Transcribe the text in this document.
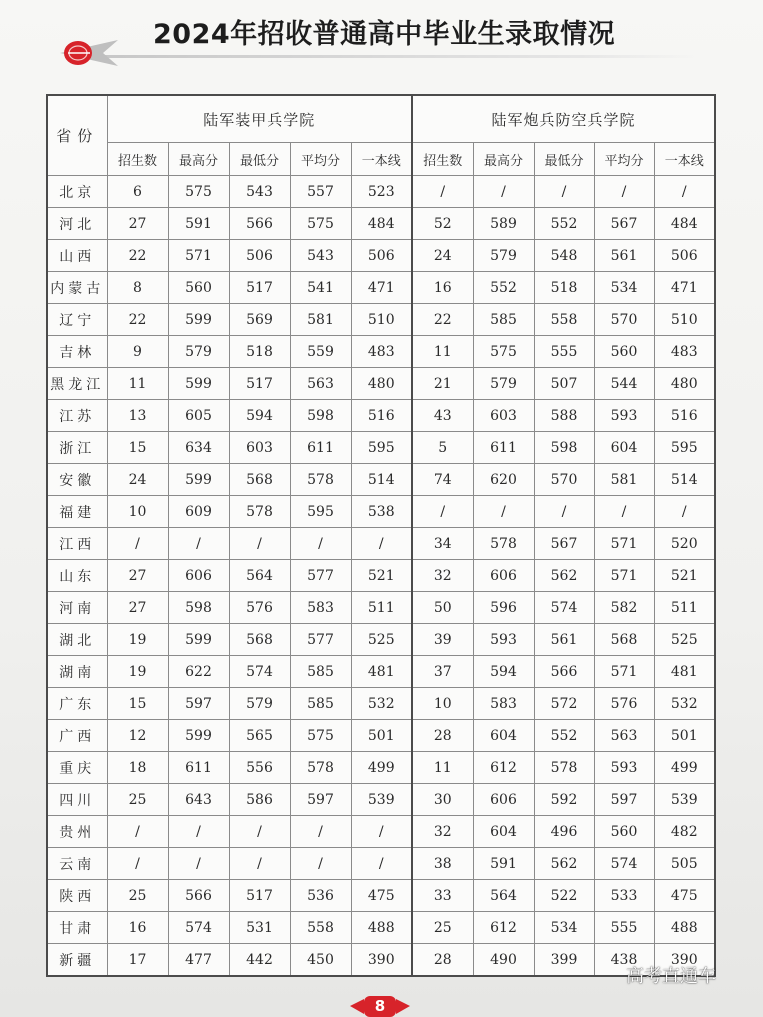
2024年招收普通高中毕业生录取情况
省份	陆军装甲兵学院					陆军炮兵防空兵学院				
	招生数	最高分	最低分	平均分	一本线	招生数	最高分	最低分	平均分	一本线
北京	6	575	543	557	523	/	/	/	/	/
河北	27	591	566	575	484	52	589	552	567	484
山西	22	571	506	543	506	24	579	548	561	506
内蒙古	8	560	517	541	471	16	552	518	534	471
辽宁	22	599	569	581	510	22	585	558	570	510
吉林	9	579	518	559	483	11	575	555	560	483
黑龙江	11	599	517	563	480	21	579	507	544	480
江苏	13	605	594	598	516	43	603	588	593	516
浙江	15	634	603	611	595	5	611	598	604	595
安徽	24	599	568	578	514	74	620	570	581	514
福建	10	609	578	595	538	/	/	/	/	/
江西	/	/	/	/	/	34	578	567	571	520
山东	27	606	564	577	521	32	606	562	571	521
河南	27	598	576	583	511	50	596	574	582	511
湖北	19	599	568	577	525	39	593	561	568	525
湖南	19	622	574	585	481	37	594	566	571	481
广东	15	597	579	585	532	10	583	572	576	532
广西	12	599	565	575	501	28	604	552	563	501
重庆	18	611	556	578	499	11	612	578	593	499
四川	25	643	586	597	539	30	606	592	597	539
贵州	/	/	/	/	/	32	604	496	560	482
云南	/	/	/	/	/	38	591	562	574	505
陕西	25	566	517	536	475	33	564	522	533	475
甘肃	16	574	531	558	488	25	612	534	555	488
新疆	17	477	442	450	390	28	490	399	438	390
高考直通车
8
